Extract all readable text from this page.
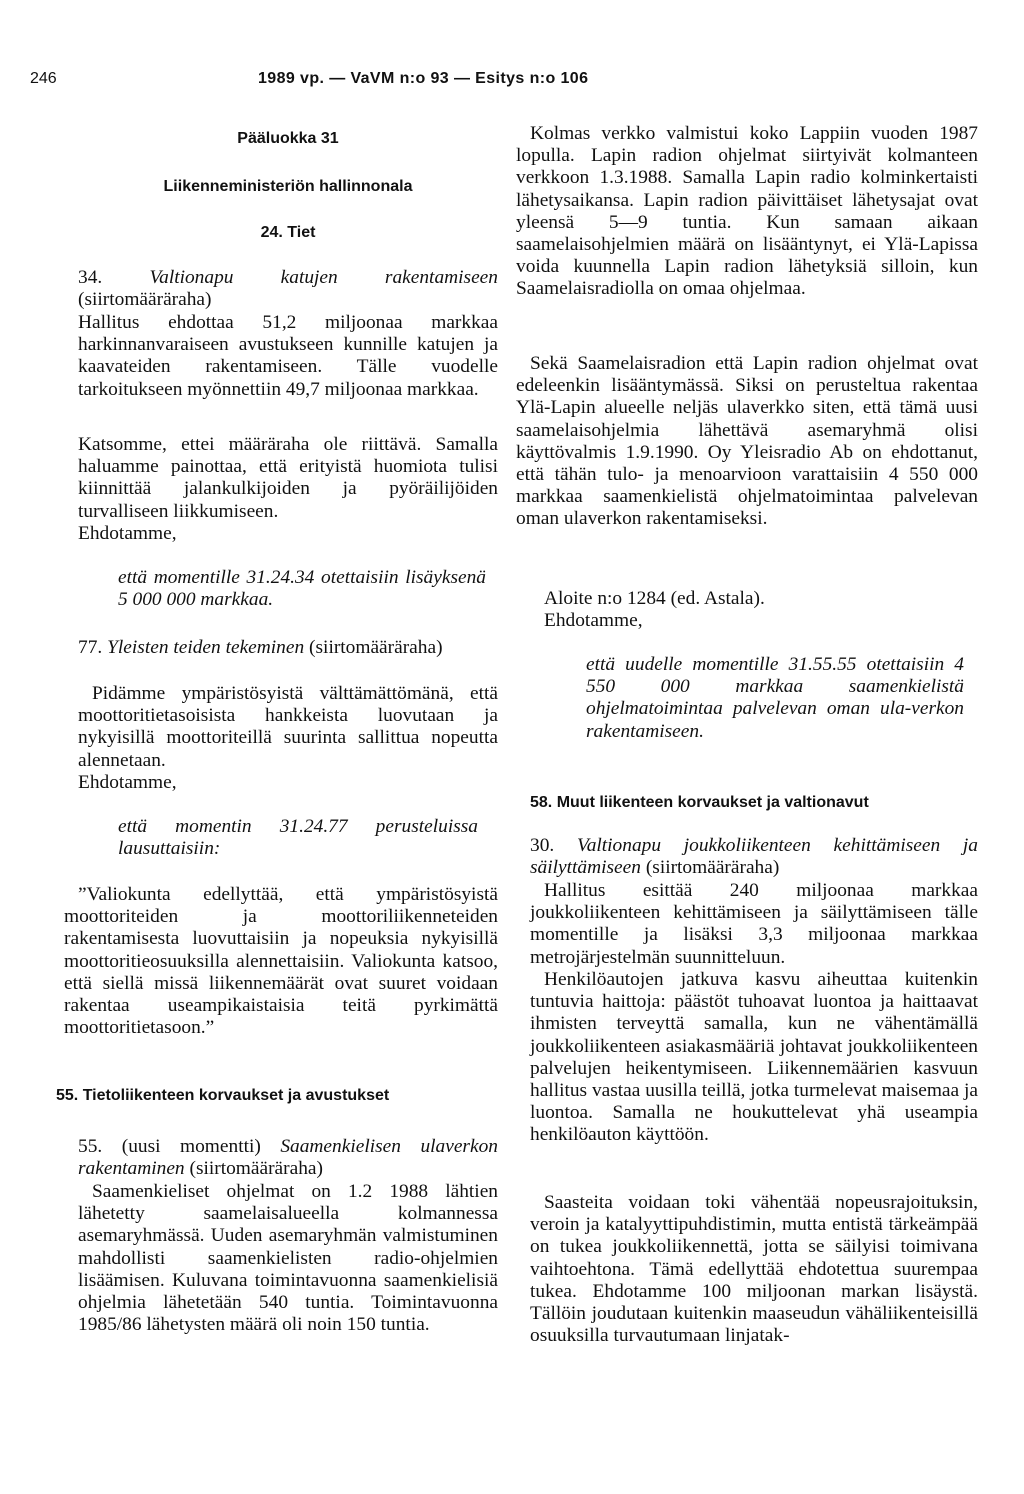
246	1989 vp. — VaVM n:o 93 — Esitys n:o 106
Pääluokka 31
Liikenneministeriön hallinnonala
24. Tiet
34. Valtionapu katujen rakentamiseen (siirtomääräraha)
Hallitus ehdottaa 51,2 miljoonaa markkaa harkinnanvaraiseen avustukseen kunnille katujen ja kaavateiden rakentamiseen. Tälle vuodelle tarkoitukseen myönnettiin 49,7 miljoonaa markkaa.
Katsomme, ettei määräraha ole riittävä. Samalla haluamme painottaa, että erityistä huomiota tulisi kiinnittää jalankulkijoiden ja pyöräilijöiden turvalliseen liikkumiseen.
Ehdotamme,
että momentille 31.24.34 otettaisiin lisäyksenä 5 000 000 markkaa.
77. Yleisten teiden tekeminen (siirtomääräraha)
Pidämme ympäristösyistä välttämättömänä, että moottoritietasoisista hankkeista luovutaan ja nykyisillä moottoriteillä suurinta sallittua nopeutta alennetaan.
Ehdotamme,
että momentin 31.24.77 perusteluissa lausuttaisiin:
”Valiokunta edellyttää, että ympäristösyistä moottoriteiden ja moottoriliikenneteiden rakentamisesta luovuttaisiin ja nopeuksia nykyisillä moottoritieosuuksilla alennettaisiin. Valiokunta katsoo, että siellä missä liikennemäärät ovat suuret voidaan rakentaa useampikaistaisia teitä pyrkimättä moottoritietasoon.”
55. Tietoliikenteen korvaukset ja avustukset
55. (uusi momentti) Saamenkielisen ulaverkon rakentaminen (siirtomääräraha)
Saamenkieliset ohjelmat on 1.2 1988 lähtien lähetetty saamelaisalueella kolmannessa asemaryhmässä. Uuden asemaryhmän valmistuminen mahdollisti saamenkielisten radio-ohjelmien lisäämisen. Kuluvana toimintavuonna saamenkielisiä ohjelmia lähetetään 540 tuntia. Toimintavuonna 1985/86 lähetysten määrä oli noin 150 tuntia.
Kolmas verkko valmistui koko Lappiin vuoden 1987 lopulla. Lapin radion ohjelmat siirtyivät kolmanteen verkkoon 1.3.1988. Samalla Lapin radio kolminkertaisti lähetysaikansa. Lapin radion päivittäiset lähetysajat ovat yleensä 5—9 tuntia. Kun samaan aikaan saamelaisohjelmien määrä on lisääntynyt, ei Ylä-Lapissa voida kuunnella Lapin radion lähetyksiä silloin, kun Saamelaisradiolla on omaa ohjelmaa.
Sekä Saamelaisradion että Lapin radion ohjelmat ovat edeleenkin lisääntymässä. Siksi on perusteltua rakentaa Ylä-Lapin alueelle neljäs ulaverkko siten, että tämä uusi saamelaisohjelmia lähettävä asemaryhmä olisi käyttövalmis 1.9.1990. Oy Yleisradio Ab on ehdottanut, että tähän tulo- ja menoarvioon varattaisiin 4 550 000 markkaa saamenkielistä ohjelmatoimintaa palvelevan oman ulaverkon rakentamiseksi.
Aloite n:o 1284 (ed. Astala).
Ehdotamme,
että uudelle momentille 31.55.55 otettaisiin 4 550 000 markkaa saamenkielistä ohjelmatoimintaa palvelevan oman ula-verkon rakentamiseen.
58. Muut liikenteen korvaukset ja valtionavut
30. Valtionapu joukkoliikenteen kehittämiseen ja säilyttämiseen (siirtomääräraha)
Hallitus esittää 240 miljoonaa markkaa joukkoliikenteen kehittämiseen ja säilyttämiseen tälle momentille ja lisäksi 3,3 miljoonaa markkaa metrojärjestelmän suunnitteluun.
Henkilöautojen jatkuva kasvu aiheuttaa kuitenkin tuntuvia haittoja: päästöt tuhoavat luontoa ja haittaavat ihmisten terveyttä samalla, kun ne vähentämällä joukkoliikenteen asiakasmääriä johtavat joukkoliikenteen palvelujen heikentymiseen. Liikennemäärien kasvuun hallitus vastaa uusilla teillä, jotka turmelevat maisemaa ja luontoa. Samalla ne houkuttelevat yhä useampia henkilöauton käyttöön.
Saasteita voidaan toki vähentää nopeusrajoituksin, veroin ja katalyyttipuhdistimin, mutta entistä tärkeämpää on tukea joukkoliikennettä, jotta se säilyisi toimivana vaihtoehtona. Tämä edellyttää ehdotettua suurempaa tukea. Ehdotamme 100 miljoonan markan lisäystä. Tällöin joudutaan kuitenkin maaseudun vähäliikenteisillä osuuksilla turvautumaan linjatak-
